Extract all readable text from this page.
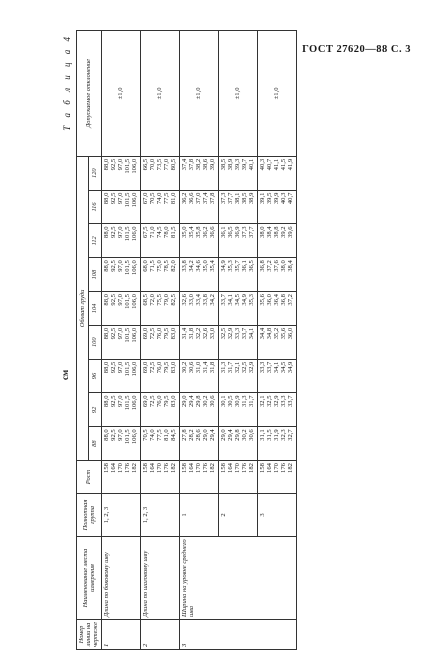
ГОСТ 27620—88 С. 3
Т а б л и ц а 4
см
Номер линии на чертеже	Наименование места измерения	Полнотная группа	Рост	Обхват груди									Допускаемое отклонение
				88	92	96	100	104	108	112	116	120	
1	Длина по боковому шву	1, 2, 3	158
164
170
176
182	88,0
92,5
97,0
101,5
106,0	88,0
92,5
97,0
101,5
106,0	88,0
92,5
97,0
101,5
106,0	88,0
92,5
97,0
101,5
106,0	88,0
92,5
97,0
101,5
106,0	88,0
92,5
97,0
101,5
106,0	88,0
92,5
97,0
101,5
106,0	88,0
92,5
97,0
101,5
106,0	88,0
92,5
97,0
101,5
106,0	±1,0
2	Длина по шаговому шву	1, 2, 3	158
164
170
176
182	70,5
74,0
77,5
81,0
84,5	69,0
72,5
76,0
79,5
83,0	69,0
72,5
76,0
79,5
83,0	69,0
72,5
76,0
79,5
83,0	68,5
72,0
75,5
79,0
82,5	68,0
71,5
75,0
78,5
82,0	67,5
71,0
74,5
78,0
81,5	67,0
70,5
74,0
77,5
81,0	66,5
70,0
73,5
77,0
80,5	±1,0
3	Ширина на уровне среднего шва	1	158
164
170
176
182	27,8
28,2
28,6
29,0
29,4	29,0
29,4
29,8
30,2
30,6	30,2
30,6
31,0
31,4
31,8	31,4
31,8
32,2
32,6
33,0	32,6
33,0
33,4
33,8
34,2	33,8
34,2
34,6
35,0
35,4	35,0
35,4
35,8
36,2
36,6	36,2
36,6
37,0
37,4
37,8	37,4
37,8
38,2
38,6
39,0	±1,0
		2	158
164
170
176
182	29,0
29,4
29,8
30,2
30,6	30,1
30,5
30,9
31,3
31,7	31,3
31,7
32,1
32,5
32,9	32,5
32,9
33,3
33,7
34,1	33,7
34,1
34,5
34,9
35,3	34,9
35,3
35,7
36,1
36,5	36,1
36,5
36,9
37,3
37,7	37,3
37,7
38,1
38,5
38,9	38,5
38,9
39,3
39,7
40,1	±1,0
		3	158
164
170
176
182	31,1
31,5
31,9
32,3
32,7	32,1
32,5
32,9
33,3
33,7	33,3
33,7
34,1
34,5
34,9	34,4
34,8
35,2
35,6
36,0	35,6
36,0
36,4
36,8
37,2	36,8
37,2
37,6
38,0
38,4	38,0
38,4
38,8
39,2
39,6	39,1
39,5
39,9
40,3
40,7	40,3
40,7
41,1
41,5
41,9	±1,0
